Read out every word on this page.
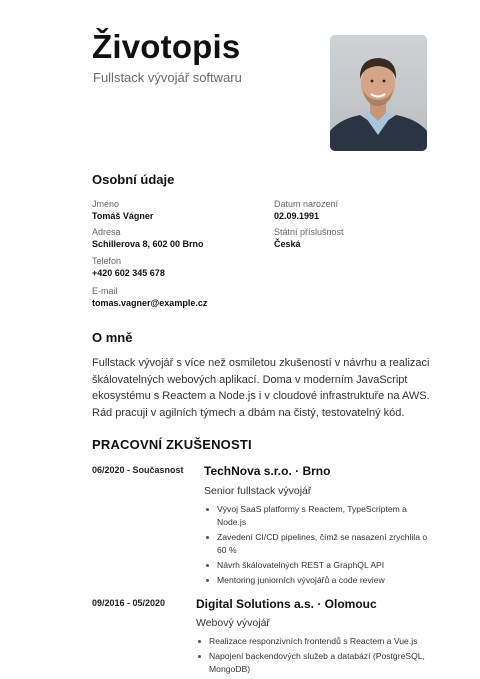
Životopis
Fullstack vývojář softwaru
Osobní údaje
Jméno
Tomáš Vágner
Datum narození
02.09.1991
Adresa
Schillerova 8, 602 00 Brno
Státní příslušnost
Česká
Telefon
+420 602 345 678
E-mail
tomas.vagner@example.cz
O mně

Fullstack vývojář s více než osmiletou zkušeností v návrhu a realizaci škálovatelných webových aplikací. Doma v moderním JavaScript ekosystému s Reactem a Node.js i v cloudové infrastruktuře na AWS. Rád pracuji v agilních týmech a dbám na čistý, testovatelný kód.

PRACOVNÍ ZKUŠENOSTI
06/2020 - Současnost TechNova s.r.o. · Brno
Senior fullstack vývojář
Vývoj SaaS platformy s Reactem, TypeScriptem a Node.js
Zavedení CI/CD pipelines, čímž se nasazení zrychlila o 60 %
Návrh škálovatelných REST a GraphQL API
Mentoring juniorních vývojářů a code review
09/2016 - 05/2020	Digital Solutions a.s. · Olomouc
Webový vývojář
Realizace responzivních frontendů s Reactem a Vue.js
Napojení backendových služeb a databází (PostgreSQL, MongoDB)
